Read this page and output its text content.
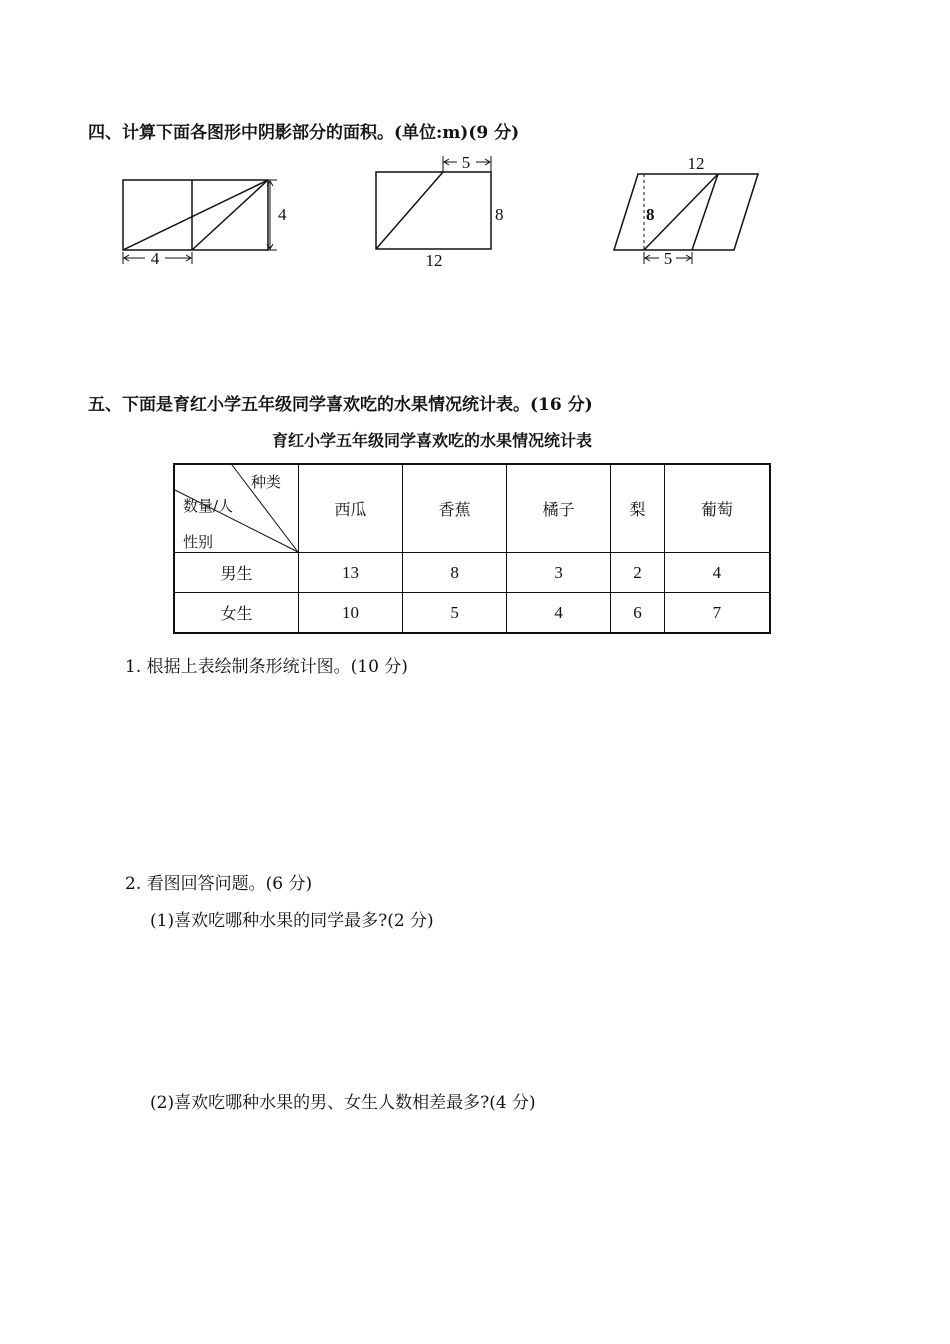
四、计算下面各图形中阴影部分的面积。(单位:m)(9 分)
4
4
5
8
12
12
8
5
五、下面是育红小学五年级同学喜欢吃的水果情况统计表。(16 分)
育红小学五年级同学喜欢吃的水果情况统计表
种类
数量/人
性别	西瓜	香蕉	橘子	梨	葡萄
男生	13	8	3	2	4
女生	10	5	4	6	7
1. 根据上表绘制条形统计图。(10 分)
2. 看图回答问题。(6 分)
(1)喜欢吃哪种水果的同学最多?(2 分)
(2)喜欢吃哪种水果的男、女生人数相差最多?(4 分)
